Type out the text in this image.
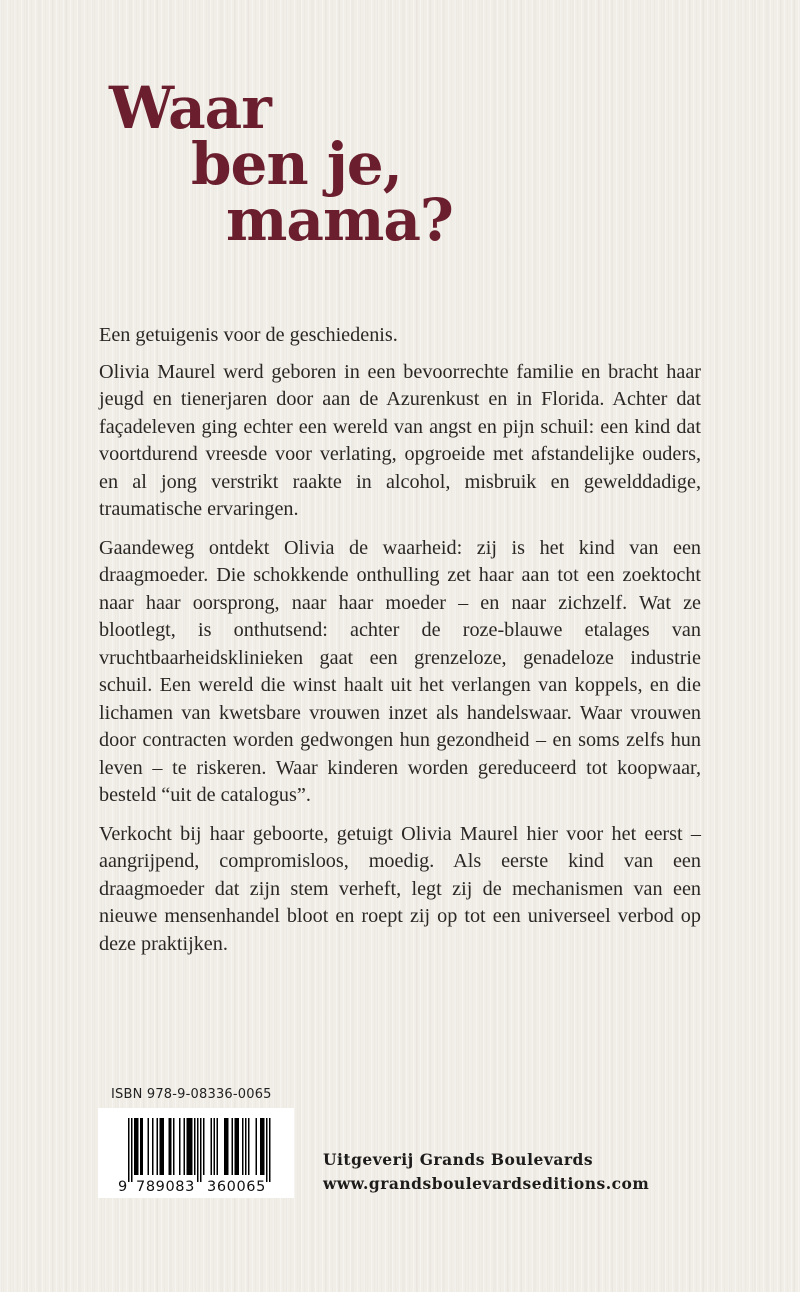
Waar
ben je,
mama?

Een getuigenis voor de geschiedenis.

Olivia Maurel werd geboren in een bevoorrechte familie en bracht haar jeugd en tienerjaren door aan de Azurenkust en in Florida. Achter dat façadeleven ging echter een wereld van angst en pijn schuil: een kind dat voortdurend vreesde voor verlating, opgroeide met afstandelijke ouders, en al jong verstrikt raakte in alcohol, misbruik en gewelddadige, traumatische ervaringen.

Gaandeweg ontdekt Olivia de waarheid: zij is het kind van een draagmoeder. Die schokkende onthulling zet haar aan tot een zoektocht naar haar oorsprong, naar haar moeder – en naar zichzelf. Wat ze blootlegt, is onthutsend: achter de roze-blauwe etalages van vruchtbaarheidsklinieken gaat een grenzeloze, genadeloze industrie schuil. Een wereld die winst haalt uit het verlangen van koppels, en die lichamen van kwetsbare vrouwen inzet als handelswaar. Waar vrouwen door contracten worden gedwongen hun gezondheid – en soms zelfs hun leven – te riskeren. Waar kinderen worden gereduceerd tot koopwaar, besteld “uit de catalogus”.

Verkocht bij haar geboorte, getuigt Olivia Maurel hier voor het eerst – aangrijpend, compromisloos, moedig. Als eerste kind van een draagmoeder dat zijn stem verheft, legt zij de mechanismen van een nieuwe mensenhandel bloot en roept zij op tot een universeel verbod op deze praktijken.

ISBN 978-9-08336-0065
9 789083 360065
Uitgeverij Grands Boulevards
www.grandsboulevardseditions.com
